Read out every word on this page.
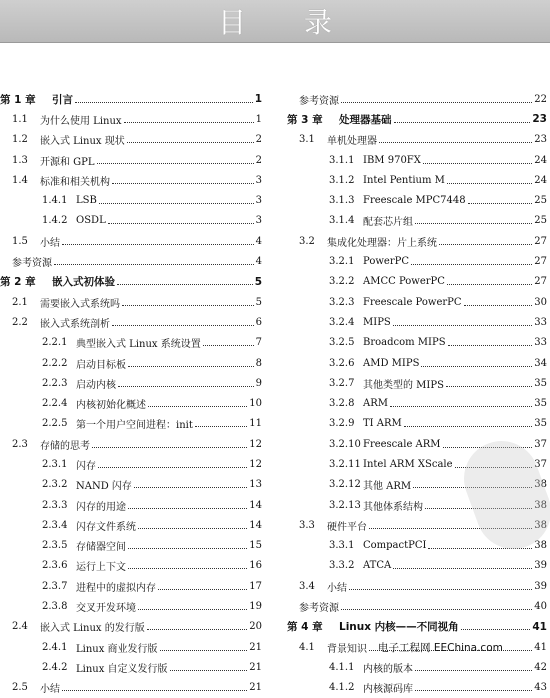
目录
第 1 章	引言	1
1.1	为什么使用 Linux	1
1.2	嵌入式 Linux 现状	2
1.3	开源和 GPL	2
1.4	标准和相关机构	3
1.4.1 LSB	3
1.4.2 OSDL	3
1.5	小结	4
参考资源	4
第 2 章	嵌入式初体验	5
2.1	需要嵌入式系统吗	5
2.2	嵌入式系统剖析	6
2.2.1 典型嵌入式 Linux 系统设置	7
2.2.2 启动目标板	8
2.2.3 启动内核	9
2.2.4 内核初始化概述	10
2.2.5 第一个用户空间进程：init	11
2.3	存储的思考	12
2.3.1 闪存	12
2.3.2 NAND 闪存	13
2.3.3 闪存的用途	14
2.3.4 闪存文件系统	14
2.3.5 存储器空间	15
2.3.6 运行上下文	16
2.3.7 进程中的虚拟内存	17
2.3.8 交叉开发环境	19
2.4	嵌入式 Linux 的发行版	20
2.4.1 Linux 商业发行版	21
2.4.2 Linux 自定义发行版	21
2.5	小结	21
参考资源	22
第 3 章	处理器基础	23
3.1	单机处理器	23
3.1.1 IBM 970FX	24
3.1.2 Intel Pentium M	24
3.1.3 Freescale MPC7448	25
3.1.4 配套芯片组	25
3.2	集成化处理器：片上系统	27
3.2.1 PowerPC	27
3.2.2 AMCC PowerPC	27
3.2.3 Freescale PowerPC	30
3.2.4 MIPS	33
3.2.5 Broadcom MIPS	33
3.2.6 AMD MIPS	34
3.2.7 其他类型的 MIPS	35
3.2.8 ARM	35
3.2.9 TI ARM	35
3.2.10 Freescale ARM	37
3.2.11 Intel ARM XScale	37
3.2.12 其他 ARM	38
3.2.13 其他体系结构	38
3.3	硬件平台	38
3.3.1 CompactPCI	38
3.3.2 ATCA	39
3.4	小结	39
参考资源	40
第 4 章	Linux 内核——不同视角	41
4.1	背景知识	41
4.1.1 内核的版本	42
4.1.2 内核源码库	43
电子工程网 EEChina.com
